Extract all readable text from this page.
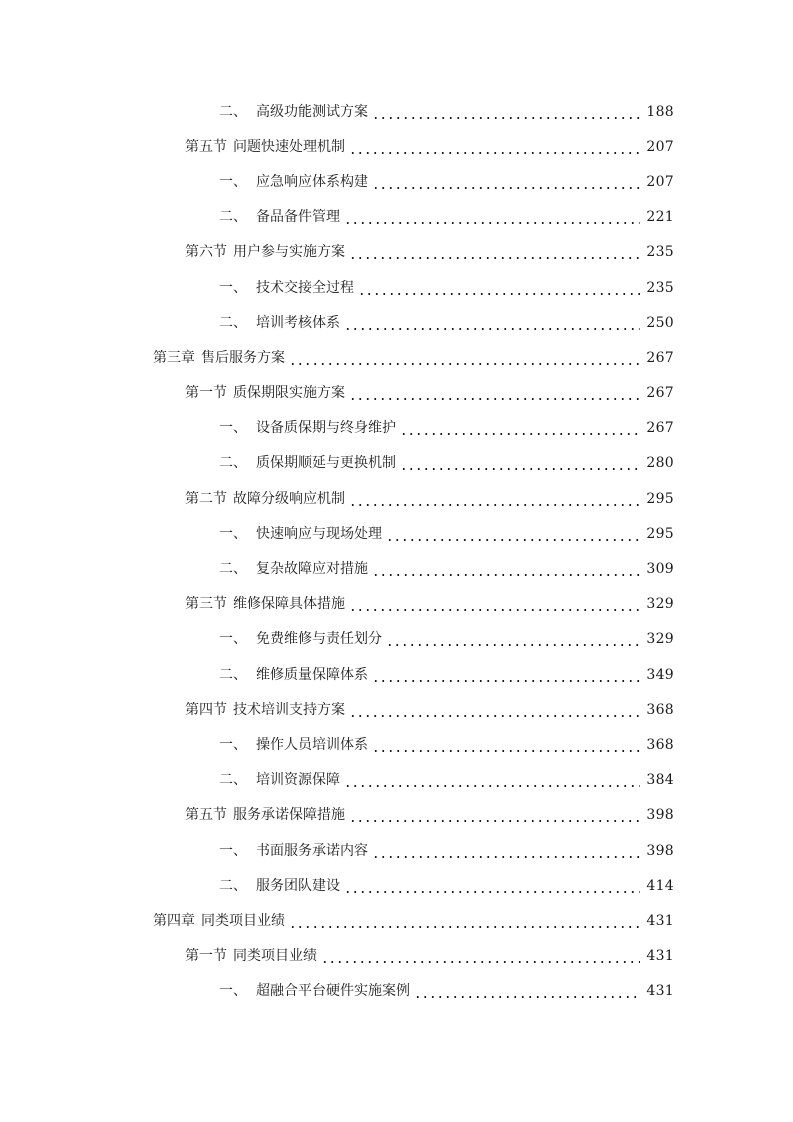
二、 高级功能测试方案	188
第五节 问题快速处理机制	207
一、 应急响应体系构建	207
二、 备品备件管理	221
第六节 用户参与实施方案	235
一、 技术交接全过程	235
二、 培训考核体系	250
第三章 售后服务方案	267
第一节 质保期限实施方案	267
一、 设备质保期与终身维护	267
二、 质保期顺延与更换机制	280
第二节 故障分级响应机制	295
一、 快速响应与现场处理	295
二、 复杂故障应对措施	309
第三节 维修保障具体措施	329
一、 免费维修与责任划分	329
二、 维修质量保障体系	349
第四节 技术培训支持方案	368
一、 操作人员培训体系	368
二、 培训资源保障	384
第五节 服务承诺保障措施	398
一、 书面服务承诺内容	398
二、 服务团队建设	414
第四章 同类项目业绩	431
第一节 同类项目业绩	431
一、 超融合平台硬件实施案例	431
